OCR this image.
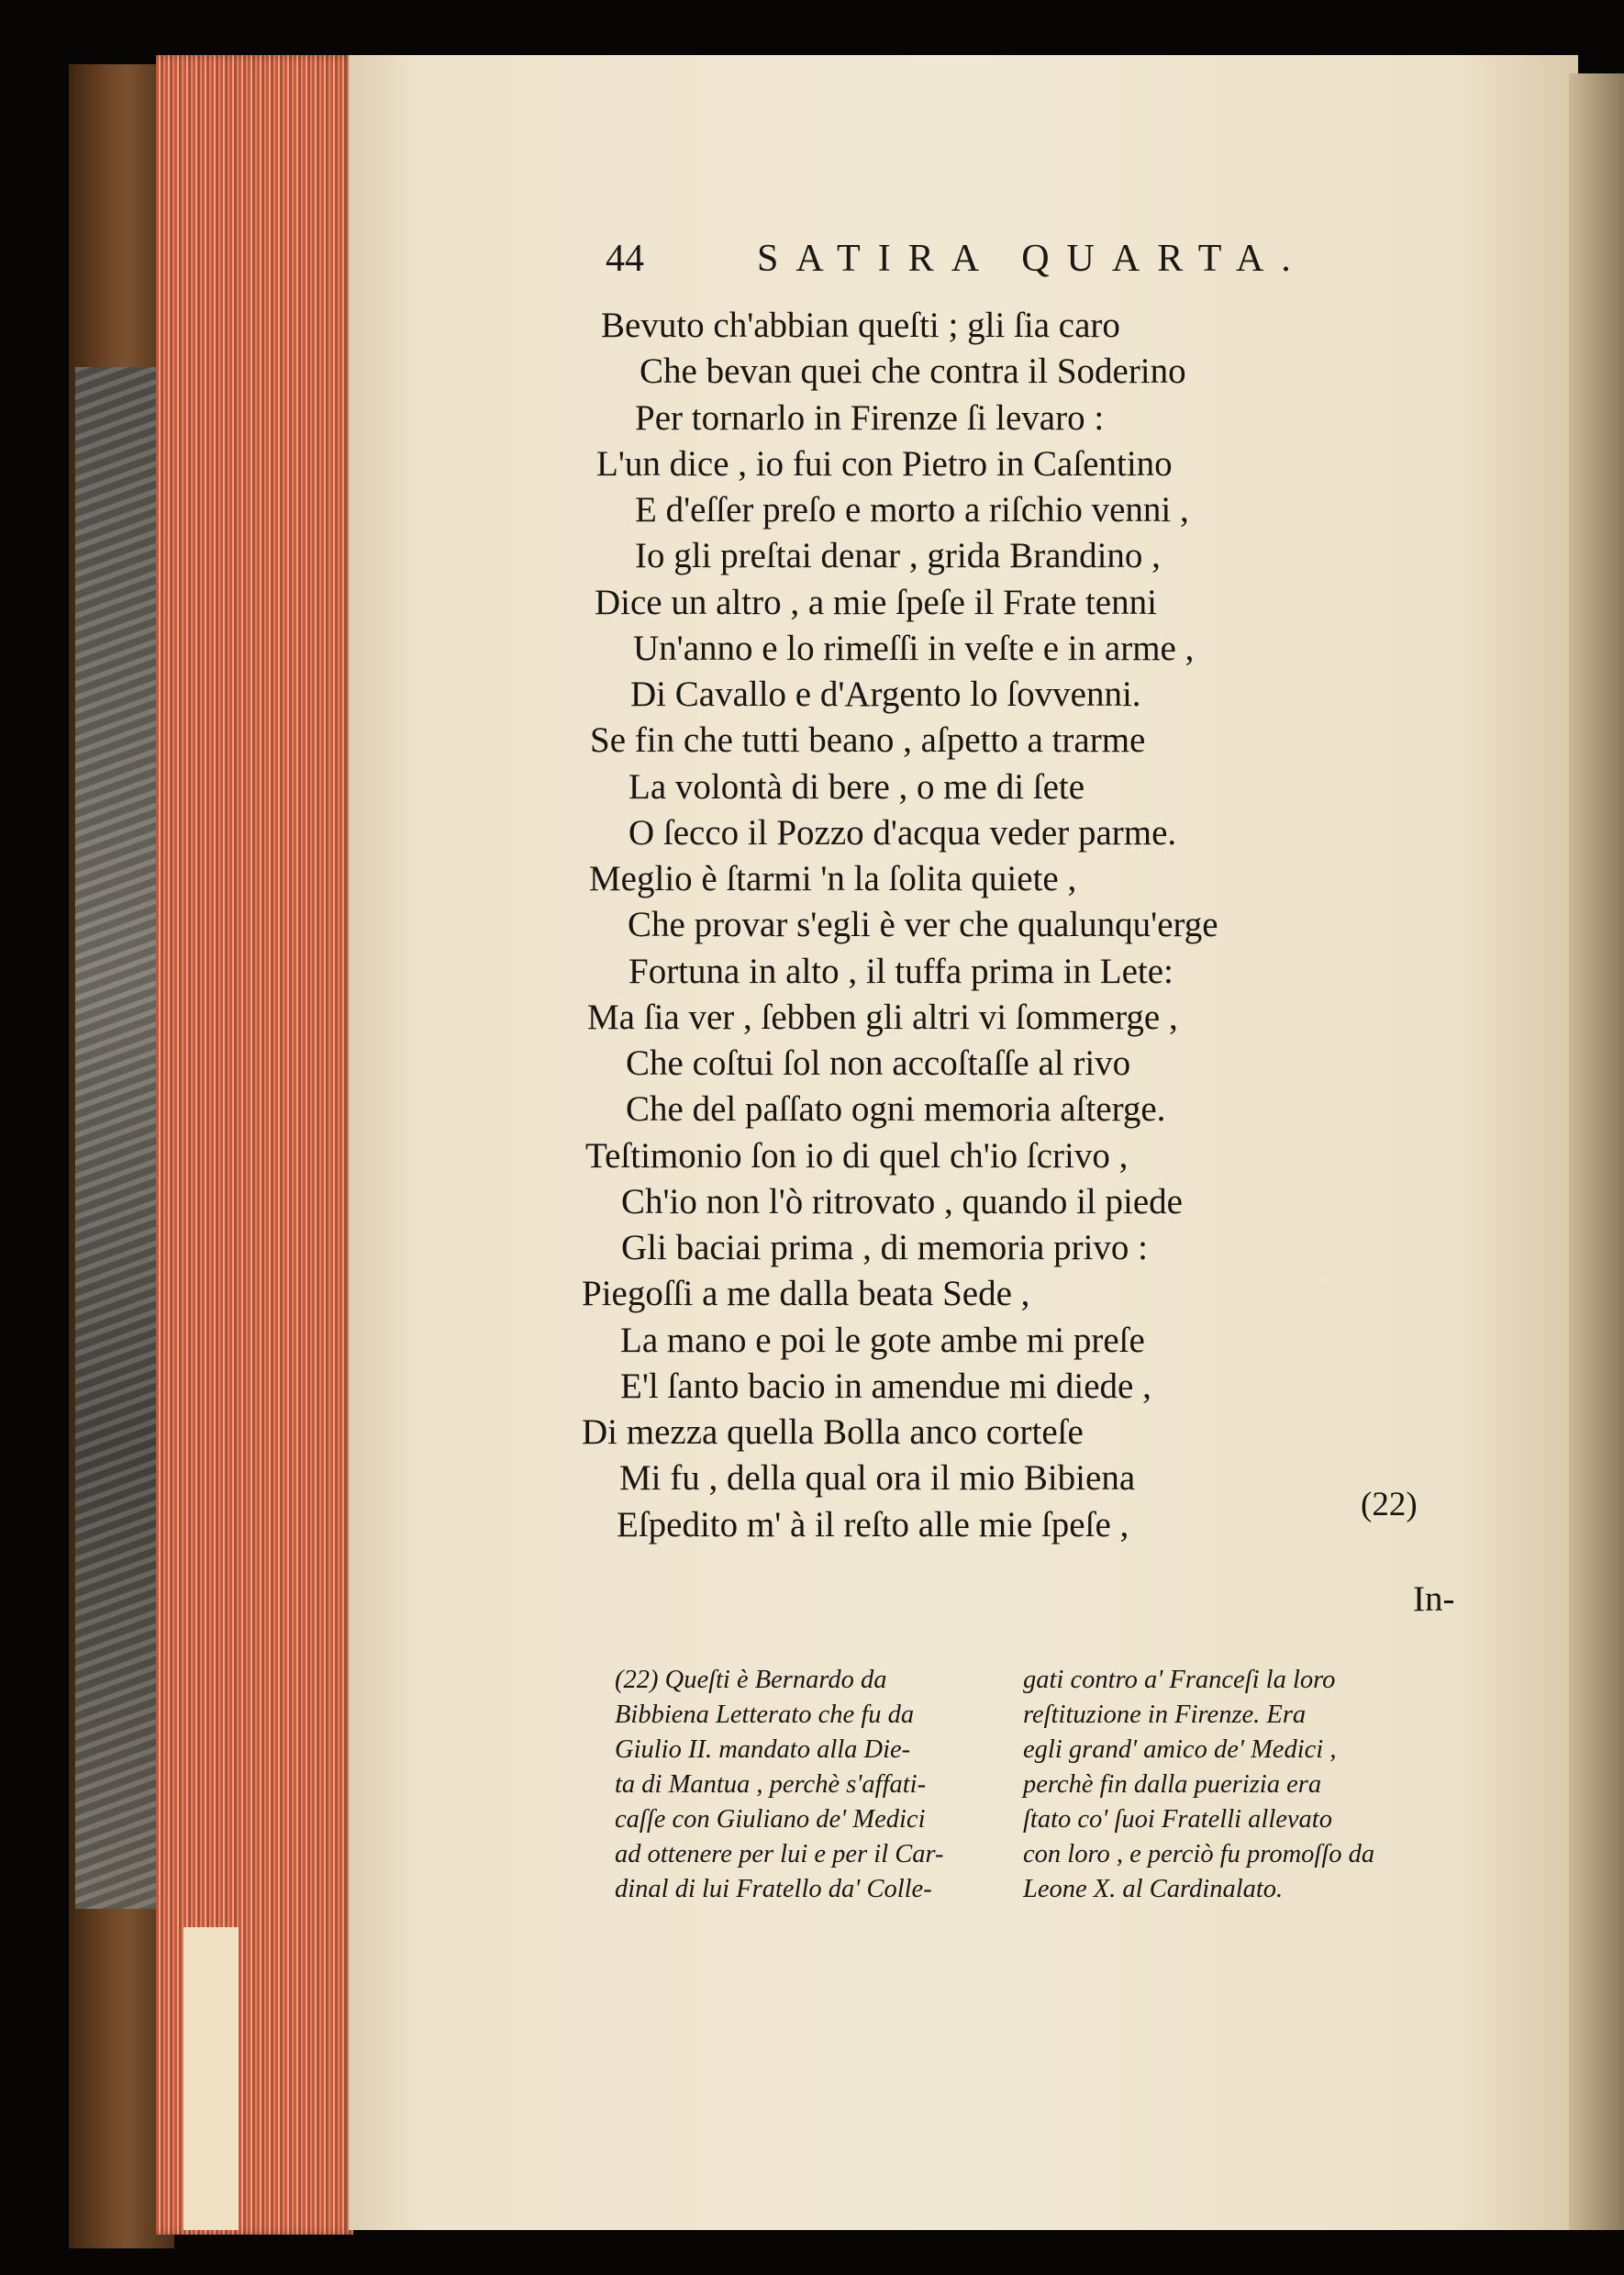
44	SATIRA QUARTA.
Bevuto ch'abbian queſti ; gli ſia caro
Che bevan quei che contra il Soderino
Per tornarlo in Firenze ſi levaro :
L'un dice , io fui con Pietro in Caſentino
E d'eſſer preſo e morto a riſchio venni ,
Io gli preſtai denar , grida Brandino ,
Dice un altro , a mie ſpeſe il Frate tenni
Un'anno e lo rimeſſi in veſte e in arme ,
Di Cavallo e d'Argento lo ſovvenni.
Se fin che tutti beano , aſpetto a trarme
La volontà di bere , o me di ſete
O ſecco il Pozzo d'acqua veder parme.
Meglio è ſtarmi 'n la ſolita quiete ,
Che provar s'egli è ver che qualunqu'erge
Fortuna in alto , il tuffa prima in Lete:
Ma ſia ver , ſebben gli altri vi ſommerge ,
Che coſtui ſol non accoſtaſſe al rivo
Che del paſſato ogni memoria aſterge.
Teſtimonio ſon io di quel ch'io ſcrivo ,
Ch'io non l'ò ritrovato , quando il piede
Gli baciai prima , di memoria privo :
Piegoſſi a me dalla beata Sede ,
La mano e poi le gote ambe mi preſe
E'l ſanto bacio in amendue mi diede ,
Di mezza quella Bolla anco corteſe
Mi fu , della qual ora il mio Bibiena
Eſpedito m' à il reſto alle mie ſpeſe ,
(22)
In-
(22) Queſti è Bernardo da
Bibbiena Letterato che fu da
Giulio II. mandato alla Die-
ta di Mantua , perchè s'affati-
caſſe con Giuliano de' Medici
ad ottenere per lui e per il Car-
dinal di lui Fratello da' Colle-
gati contro a' Franceſi la loro
reſtituzione in Firenze. Era
egli grand' amico de' Medici ,
perchè fin dalla puerizia era
ſtato co' ſuoi Fratelli allevato
con loro , e perciò fu promoſſo da
Leone X. al Cardinalato.
